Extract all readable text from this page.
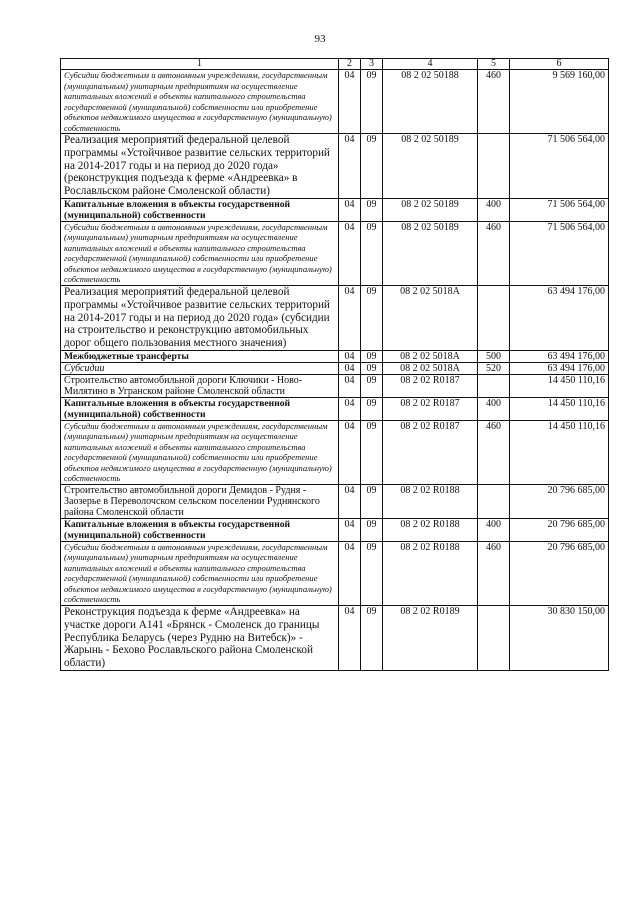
93
1	2	3	4	5	6
Субсидии бюджетным и автономным учреждениям, государственным (муниципальным) унитарным предприятиям на осуществление капитальных вложений в объекты капитального строительства государственной (муниципальной) собственности или приобретение объектов недвижимого имущества в государственную (муниципальную) собственность	04	09	08 2 02 50188	460	9 569 160,00
Реализация мероприятий федеральной целевой программы «Устойчивое развитие сельских территорий на 2014-2017 годы и на период до 2020 года» (реконструкция подъезда к ферме «Андреевка» в Рославльском районе Смоленской области)	04	09	08 2 02 50189		71 506 564,00
Капитальные вложения в объекты государственной (муниципальной) собственности	04	09	08 2 02 50189	400	71 506 564,00
Субсидии бюджетным и автономным учреждениям, государственным (муниципальным) унитарным предприятиям на осуществление капитальных вложений в объекты капитального строительства государственной (муниципальной) собственности или приобретение объектов недвижимого имущества в государственную (муниципальную) собственность	04	09	08 2 02 50189	460	71 506 564,00
Реализация мероприятий федеральной целевой программы «Устойчивое развитие сельских территорий на 2014-2017 годы и на период до 2020 года» (субсидии на строительство и реконструкцию автомобильных дорог общего пользования местного значения)	04	09	08 2 02 5018A		63 494 176,00
Межбюджетные трансферты	04	09	08 2 02 5018A	500	63 494 176,00
Субсидии	04	09	08 2 02 5018A	520	63 494 176,00
Строительство автомобильной дороги Ключики - Ново-Милятино в Угранском районе Смоленской области	04	09	08 2 02 R0187		14 450 110,16
Капитальные вложения в объекты государственной (муниципальной) собственности	04	09	08 2 02 R0187	400	14 450 110,16
Субсидии бюджетным и автономным учреждениям, государственным (муниципальным) унитарным предприятиям на осуществление капитальных вложений в объекты капитального строительства государственной (муниципальной) собственности или приобретение объектов недвижимого имущества в государственную (муниципальную) собственность	04	09	08 2 02 R0187	460	14 450 110,16
Строительство автомобильной дороги Демидов - Рудня - Заозерье в Переволочском сельском поселении Руднянского района Смоленской области	04	09	08 2 02 R0188		20 796 685,00
Капитальные вложения в объекты государственной (муниципальной) собственности	04	09	08 2 02 R0188	400	20 796 685,00
Субсидии бюджетным и автономным учреждениям, государственным (муниципальным) унитарным предприятиям на осуществление капитальных вложений в объекты капитального строительства государственной (муниципальной) собственности или приобретение объектов недвижимого имущества в государственную (муниципальную) собственность	04	09	08 2 02 R0188	460	20 796 685,00
Реконструкция подъезда к ферме «Андреевка» на участке дороги А141 «Брянск - Смоленск до границы Республика Беларусь (через Рудню на Витебск)» - Жарынь - Бехово Рославльского района Смоленской области)	04	09	08 2 02 R0189		30 830 150,00
